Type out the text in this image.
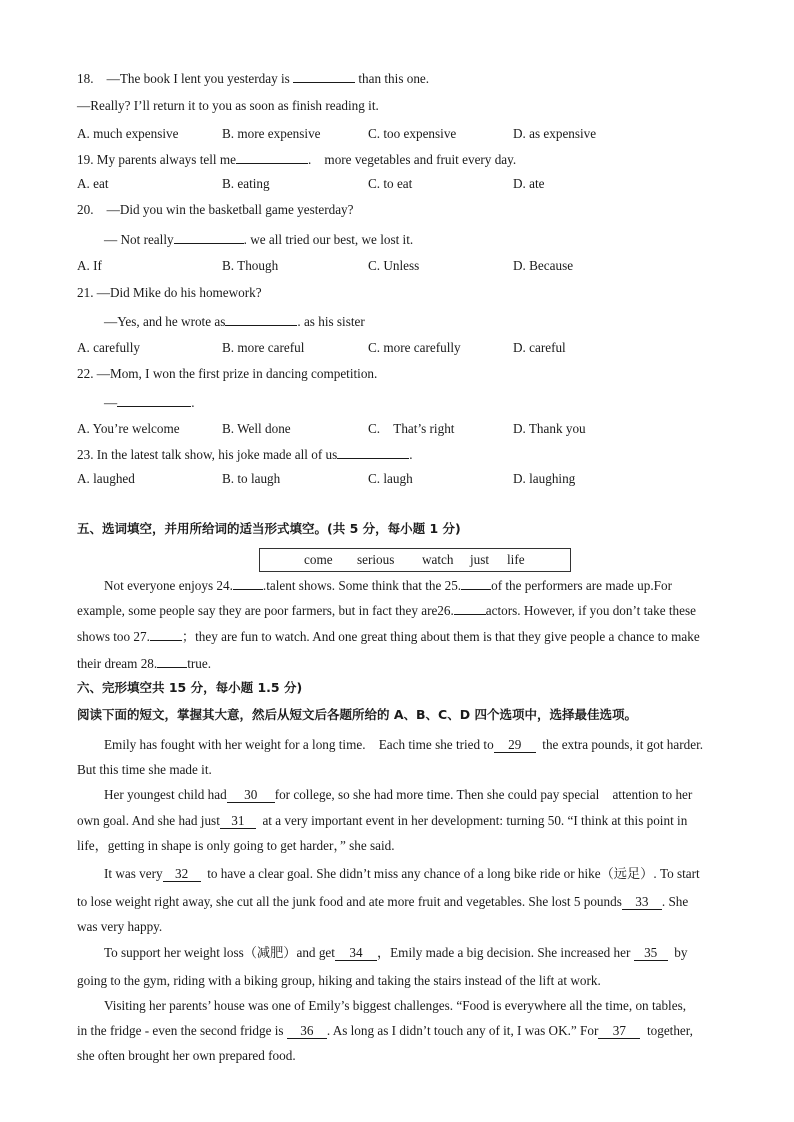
18.　—The book I lent you yesterday is	than this one.
—Really? I’ll return it to you as soon as finish reading it.
A. much expensive	B. more expensive	C. too expensive	D. as expensive
19. My parents always tell me	.　more vegetables and fruit every day.
A. eat	B. eating	C. to eat	D. ate
20.　—Did you win the basketball game yesterday?
— Not really	. we all tried our best, we lost it.
A. If	B. Though	C. Unless	D. Because
21. —Did Mike do his homework?
—Yes, and he wrote as	. as his sister
A. carefully	B. more careful	C. more carefully	D. careful
22. —Mom, I won the first prize in dancing competition.
—	.
A. You’re welcome	B. Well done	C.　That’s right	D. Thank you
23. In the latest talk show, his joke made all of us	.
A. laughed	B. to laugh	C. laugh	D. laughing
五、选词填空，并用所给词的适当形式填空。(共 5 分，每小题 1 分)
come serious watch just life
Not everyone enjoys 24. .talent shows. Some think that the 25. of the performers are made up.For
example, some people say they are poor farmers, but in fact they are26. actors. However, if you don’t take these
shows too 27. ；they are fun to watch. And one great thing about them is that they give people a chance to make
their dream 28. true.
六、完形填空共 15 分，每小题 1.5 分)
阅读下面的短文，掌握其大意，然后从短文后各题所给的 A、B、C、D 四个选项中，选择最佳选项。
Emily has fought with her weight for a long time.　Each time she tried to 29 the extra pounds, it got harder.
But this time she made it.
Her youngest child had 30 for college, so she had more time. Then she could pay special　attention to her
own goal. And she had just 31 at a very important event in her development: turning 50. “I think at this point in
life，getting in shape is only going to get harder，” she said.
It was very 32 to have a clear goal. She didn’t miss any chance of a long bike ride or hike（远足）. To start
to lose weight right away, she cut all the junk food and ate more fruit and vegetables. She lost 5 pounds 33 . She
was very happy.
To support her weight loss（减肥）and get 34 ，Emily made a big decision. She increased her 35 by
going to the gym, riding with a biking group, hiking and taking the stairs instead of the lift at work.
Visiting her parents’ house was one of Emily’s biggest challenges. “Food is everywhere all the time, on tables,
in the fridge - even the second fridge is 36 . As long as I didn’t touch any of it, I was OK.” For 37 together,
she often brought her own prepared food.
